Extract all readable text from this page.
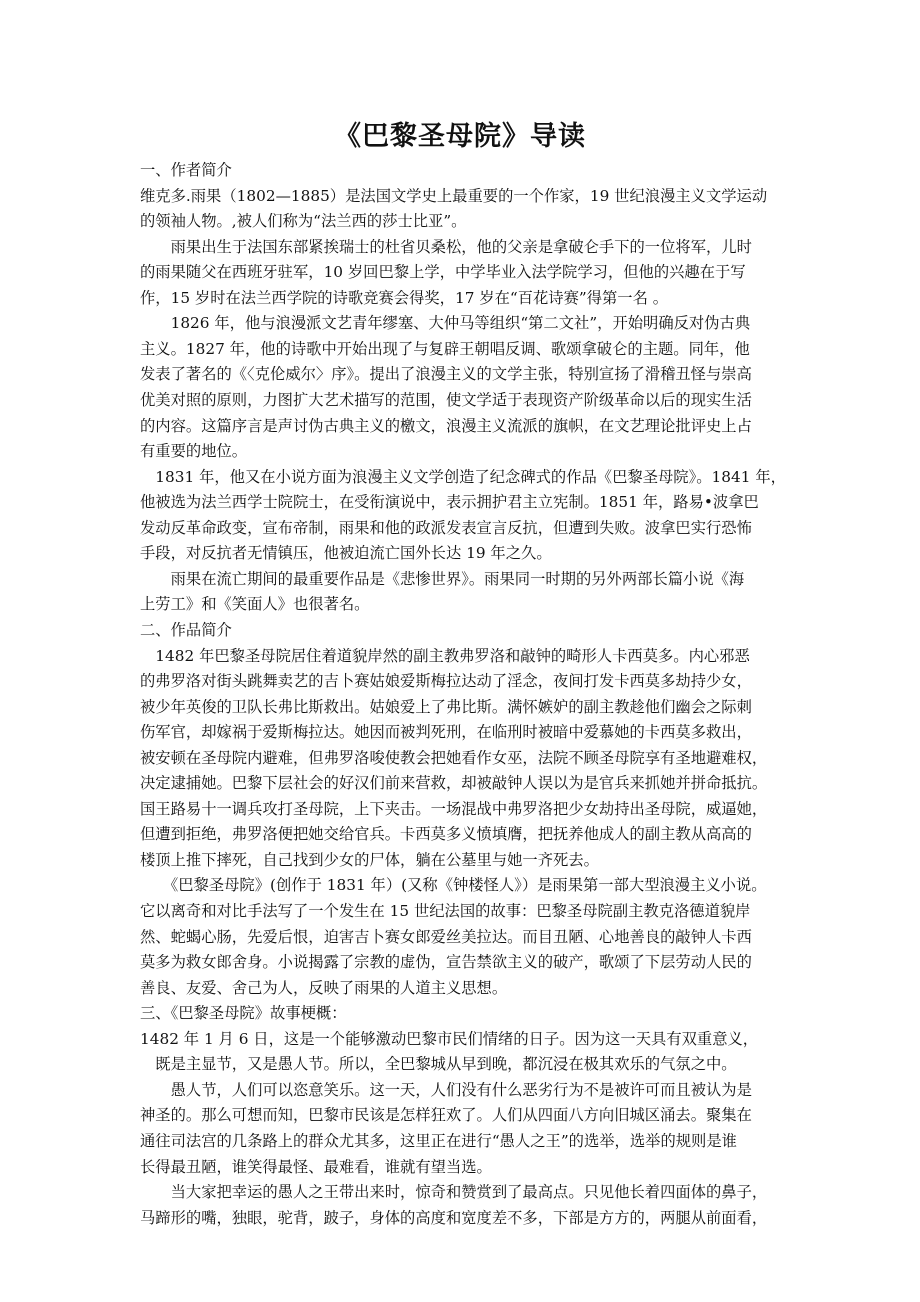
《巴黎圣母院》导读
一、作者简介
维克多.雨果（1802—1885）是法国文学史上最重要的一个作家，19 世纪浪漫主义文学运动
的领袖人物。,被人们称为“法兰西的莎士比亚”。
　　雨果出生于法国东部紧挨瑞士的杜省贝桑松，他的父亲是拿破仑手下的一位将军，儿时
的雨果随父在西班牙驻军，10 岁回巴黎上学，中学毕业入法学院学习，但他的兴趣在于写
作，15 岁时在法兰西学院的诗歌竞赛会得奖，17 岁在“百花诗赛”得第一名 。
　　1826 年，他与浪漫派文艺青年缪塞、大仲马等组织“第二文社”，开始明确反对伪古典
主义。1827 年，他的诗歌中开始出现了与复辟王朝唱反调、歌颂拿破仑的主题。同年，他
发表了著名的《〈克伦威尔〉序》。提出了浪漫主义的文学主张，特别宣扬了滑稽丑怪与崇高
优美对照的原则，力图扩大艺术描写的范围，使文学适于表现资产阶级革命以后的现实生活
的内容。这篇序言是声讨伪古典主义的檄文，浪漫主义流派的旗帜，在文艺理论批评史上占
有重要的地位。
　1831 年，他又在小说方面为浪漫主义文学创造了纪念碑式的作品《巴黎圣母院》。1841 年，
他被选为法兰西学士院院士，在受衔演说中，表示拥护君主立宪制。1851 年，路易•波拿巴
发动反革命政变，宣布帝制，雨果和他的政派发表宣言反抗，但遭到失败。波拿巴实行恐怖
手段，对反抗者无情镇压，他被迫流亡国外长达 19 年之久。
　　雨果在流亡期间的最重要作品是《悲惨世界》。雨果同一时期的另外两部长篇小说《海
上劳工》和《笑面人》也很著名。
二、作品简介
　1482 年巴黎圣母院居住着道貌岸然的副主教弗罗洛和敲钟的畸形人卡西莫多。内心邪恶
的弗罗洛对街头跳舞卖艺的吉卜赛姑娘爱斯梅拉达动了淫念，夜间打发卡西莫多劫持少女，
被少年英俊的卫队长弗比斯救出。姑娘爱上了弗比斯。满怀嫉妒的副主教趁他们幽会之际刺
伤军官，却嫁祸于爱斯梅拉达。她因而被判死刑，在临刑时被暗中爱慕她的卡西莫多救出，
被安顿在圣母院内避难，但弗罗洛唆使教会把她看作女巫，法院不顾圣母院享有圣地避难权，
决定逮捕她。巴黎下层社会的好汉们前来营救，却被敲钟人误以为是官兵来抓她并拼命抵抗。
国王路易十一调兵攻打圣母院，上下夹击。一场混战中弗罗洛把少女劫持出圣母院，威逼她，
但遭到拒绝，弗罗洛便把她交给官兵。卡西莫多义愤填膺，把抚养他成人的副主教从高高的
楼顶上推下摔死，自己找到少女的尸体，躺在公墓里与她一齐死去。
　　《巴黎圣母院》(创作于 1831 年）(又称《钟楼怪人》）是雨果第一部大型浪漫主义小说。
它以离奇和对比手法写了一个发生在 15 世纪法国的故事：巴黎圣母院副主教克洛德道貌岸
然、蛇蝎心肠，先爱后恨，迫害吉卜赛女郎爱丝美拉达。而目丑陋、心地善良的敲钟人卡西
莫多为救女郎舍身。小说揭露了宗教的虚伪，宣告禁欲主义的破产，歌颂了下层劳动人民的
善良、友爱、舍己为人，反映了雨果的人道主义思想。
三、《巴黎圣母院》故事梗概：
1482 年 1 月 6 日，这是一个能够激动巴黎市民们情绪的日子。因为这一天具有双重意义，
　既是主显节，又是愚人节。所以，全巴黎城从早到晚，都沉浸在极其欢乐的气氛之中。
　　愚人节，人们可以恣意笑乐。这一天，人们没有什么恶劣行为不是被许可而且被认为是
神圣的。那么可想而知，巴黎市民该是怎样狂欢了。人们从四面八方向旧城区涌去。聚集在
通往司法宫的几条路上的群众尤其多，这里正在进行“愚人之王”的选举，选举的规则是谁
长得最丑陋，谁笑得最怪、最难看，谁就有望当选。
　　当大家把幸运的愚人之王带出来时，惊奇和赞赏到了最高点。只见他长着四面体的鼻子，
马蹄形的嘴，独眼，驼背，跛子，身体的高度和宽度差不多，下部是方方的，两腿从前面看，
